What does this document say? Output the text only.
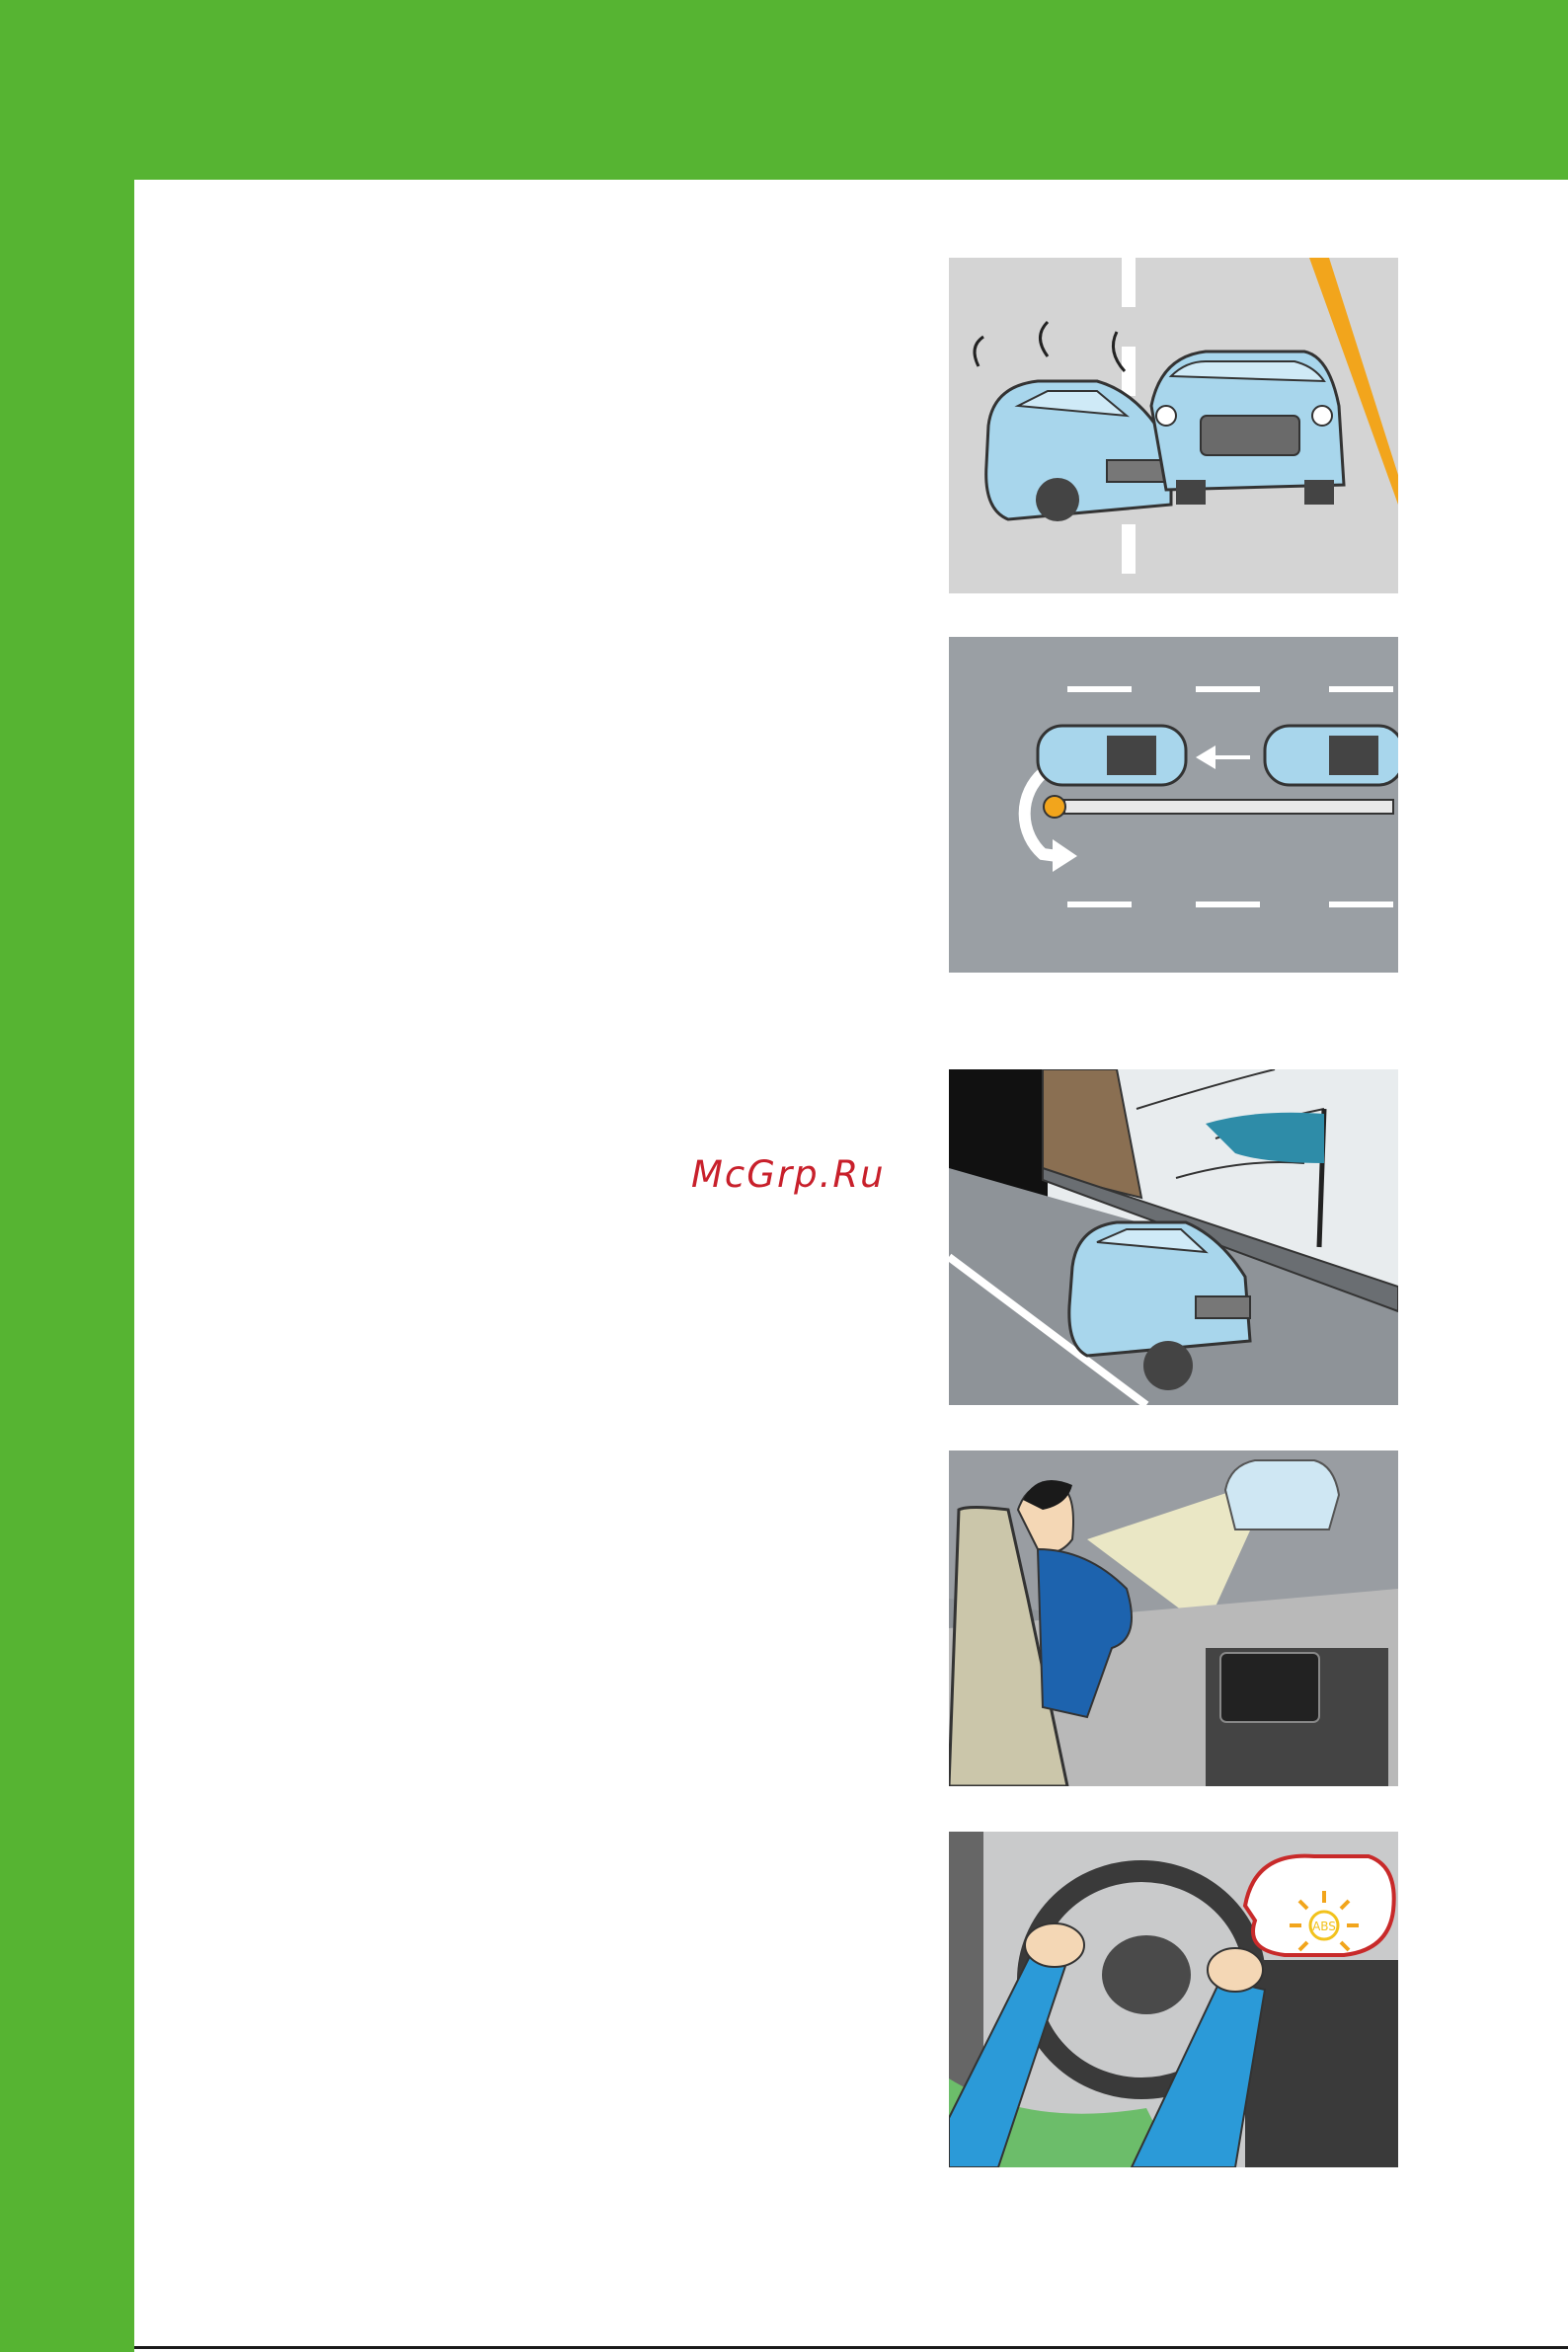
ABS
McGrp.Ru
